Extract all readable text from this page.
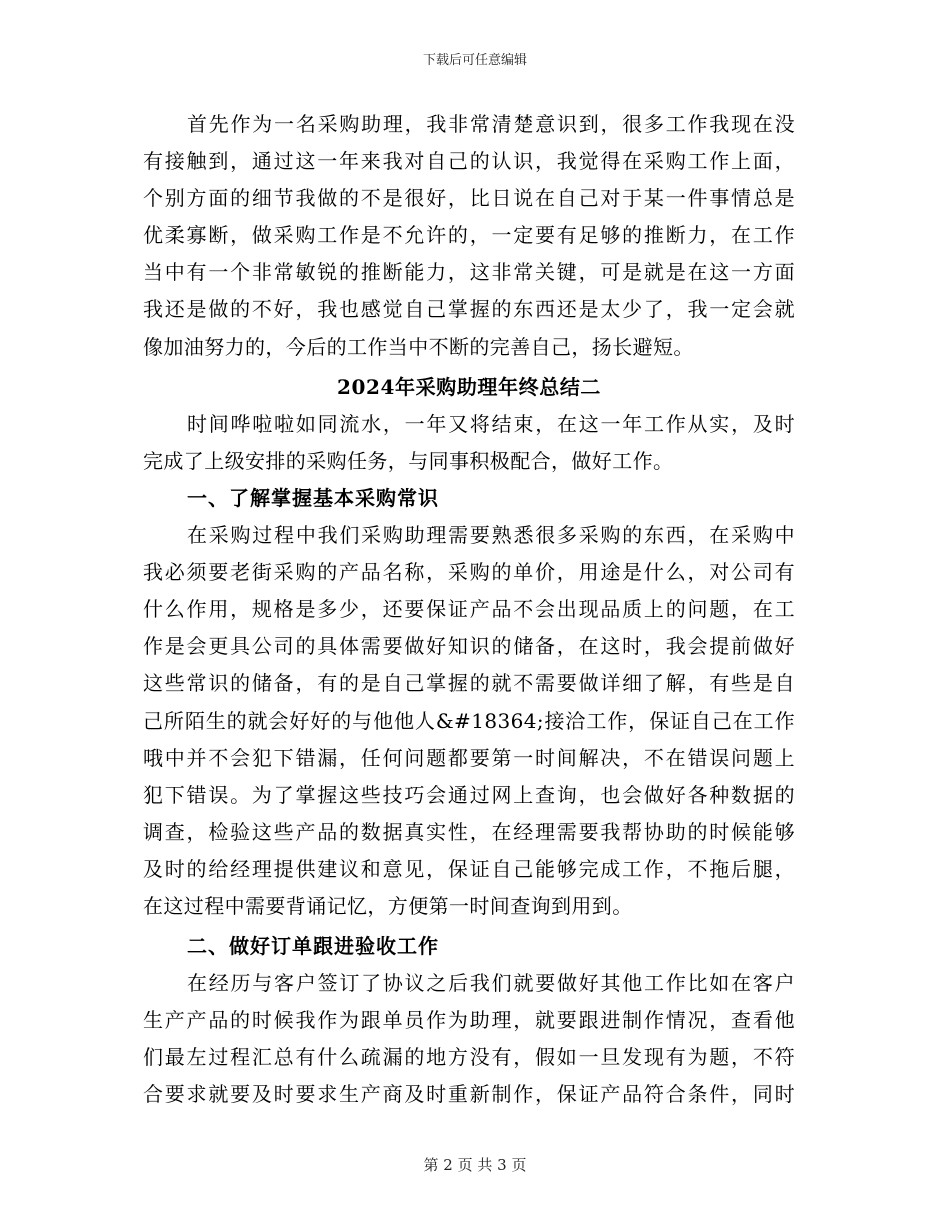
下载后可任意编辑
首先作为一名采购助理，我非常清楚意识到，很多工作我现在没
有接触到，通过这一年来我对自己的认识，我觉得在采购工作上面，
个别方面的细节我做的不是很好，比日说在自己对于某一件事情总是
优柔寡断，做采购工作是不允许的，一定要有足够的推断力，在工作
当中有一个非常敏锐的推断能力，这非常关键，可是就是在这一方面
我还是做的不好，我也感觉自己掌握的东西还是太少了，我一定会就
像加油努力的，今后的工作当中不断的完善自己，扬长避短。
2024年采购助理年终总结二
时间哗啦啦如同流水，一年又将结束，在这一年工作从实，及时
完成了上级安排的采购任务，与同事积极配合，做好工作。
一、了解掌握基本采购常识
在采购过程中我们采购助理需要熟悉很多采购的东西，在采购中
我必须要老街采购的产品名称，采购的单价，用途是什么，对公司有
什么作用，规格是多少，还要保证产品不会出现品质上的问题，在工
作是会更具公司的具体需要做好知识的储备，在这时，我会提前做好
这些常识的储备，有的是自己掌握的就不需要做详细了解，有些是自
己所陌生的就会好好的与他他人&#18364;接洽工作，保证自己在工作
哦中并不会犯下错漏，任何问题都要第一时间解决，不在错误问题上
犯下错误。为了掌握这些技巧会通过网上查询，也会做好各种数据的
调查，检验这些产品的数据真实性，在经理需要我帮协助的时候能够
及时的给经理提供建议和意见，保证自己能够完成工作，不拖后腿，
在这过程中需要背诵记忆，方便第一时间查询到用到。
二、做好订单跟进验收工作
在经历与客户签订了协议之后我们就要做好其他工作比如在客户
生产产品的时候我作为跟单员作为助理，就要跟进制作情况，查看他
们最左过程汇总有什么疏漏的地方没有，假如一旦发现有为题，不符
合要求就要及时要求生产商及时重新制作，保证产品符合条件，同时
第 2 页 共 3 页
